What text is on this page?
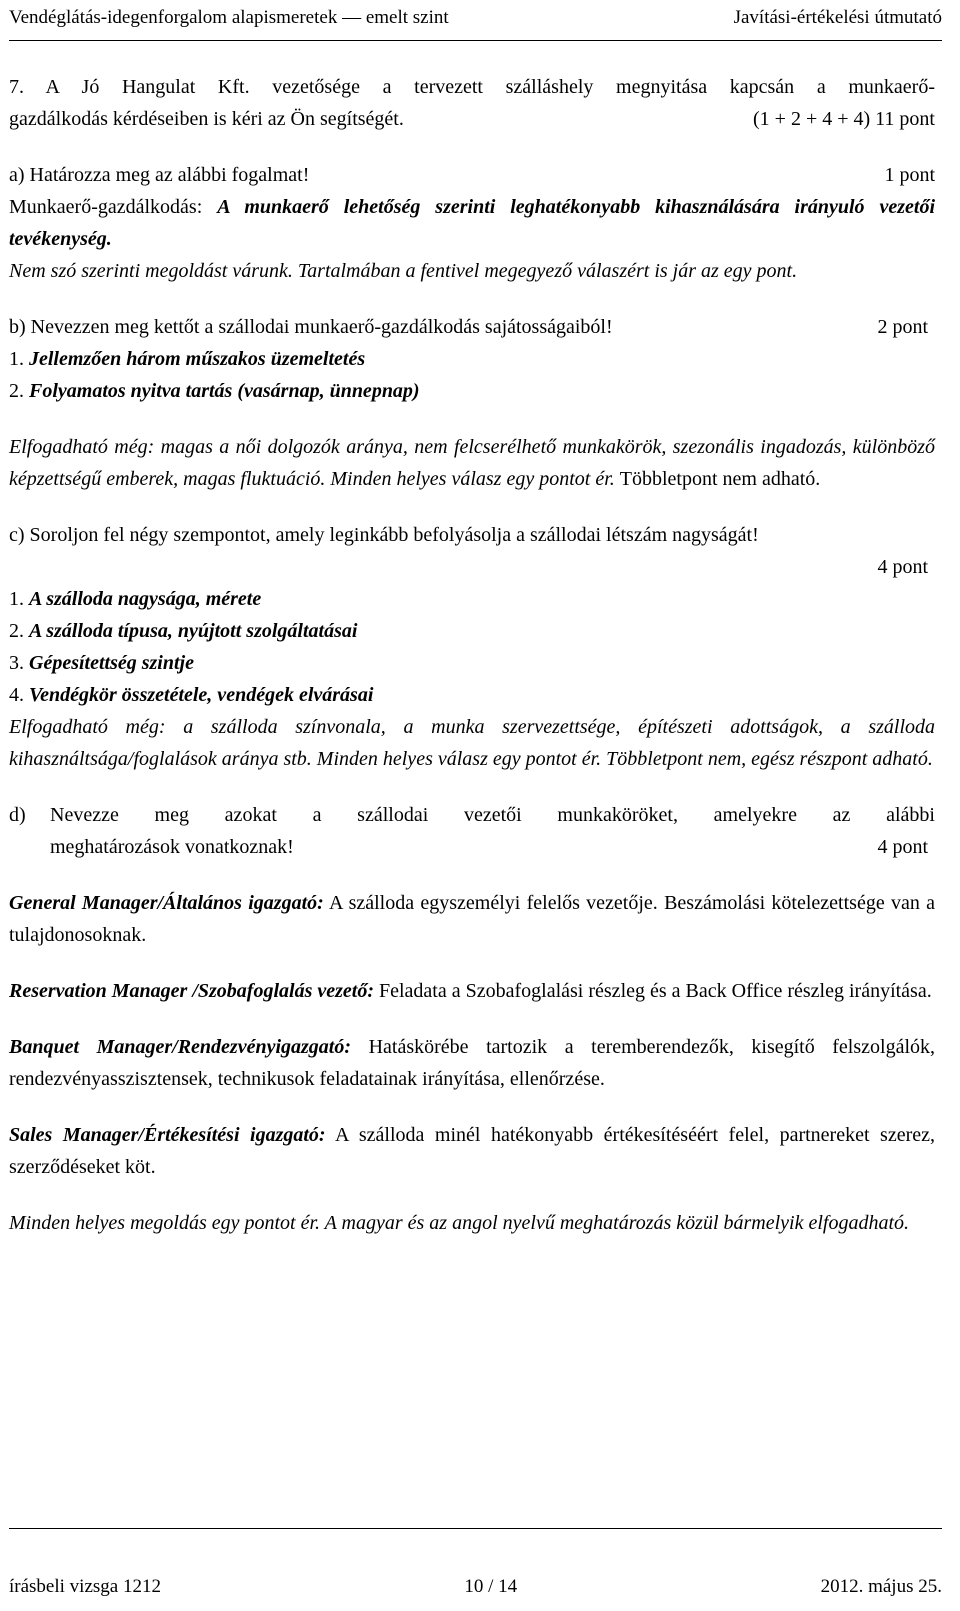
Vendéglátás-idegenforgalom alapismeretek — emelt szint	Javítási-értékelési útmutató
7. A Jó Hangulat Kft. vezetősége a tervezett szálláshely megnyitása kapcsán a munkaerő-
gazdálkodás kérdéseiben is kéri az Ön segítségét.	(1 + 2 + 4 + 4) 11 pont
a) Határozza meg az alábbi fogalmat!	1 pont
Munkaerő-gazdálkodás: A munkaerő lehetőség szerinti leghatékonyabb kihasználására irányuló vezetői tevékenység.
Nem szó szerinti megoldást várunk. Tartalmában a fentivel megegyező válaszért is jár az egy pont.
b) Nevezzen meg kettőt a szállodai munkaerő-gazdálkodás sajátosságaiból!	2 pont
1. Jellemzően három műszakos üzemeltetés
2. Folyamatos nyitva tartás (vasárnap, ünnepnap)
Elfogadható még: magas a női dolgozók aránya, nem felcserélhető munkakörök, szezonális ingadozás, különböző képzettségű emberek, magas fluktuáció. Minden helyes válasz egy pontot ér. Többletpont nem adható.
c) Soroljon fel négy szempontot, amely leginkább befolyásolja a szállodai létszám nagyságát!
4 pont
1. A szálloda nagysága, mérete
2. A szálloda típusa, nyújtott szolgáltatásai
3. Gépesítettség szintje
4. Vendégkör összetétele, vendégek elvárásai
Elfogadható még: a szálloda színvonala, a munka szervezettsége, építészeti adottságok, a szálloda kihasználtsága/foglalások aránya stb. Minden helyes válasz egy pontot ér. Többletpont nem, egész részpont adható.
d)	Nevezze meg azokat a szállodai vezetői munkaköröket, amelyekre az alábbi
meghatározások vonatkoznak!	4 pont
General Manager/Általános igazgató: A szálloda egyszemélyi felelős vezetője. Beszámolási kötelezettsége van a tulajdonosoknak.
Reservation Manager /Szobafoglalás vezető: Feladata a Szobafoglalási részleg és a Back Office részleg irányítása.
Banquet Manager/Rendezvényigazgató: Hatáskörébe tartozik a teremberendezők, kisegítő felszolgálók, rendezvényasszisztensek, technikusok feladatainak irányítása, ellenőrzése.
Sales Manager/Értékesítési igazgató: A szálloda minél hatékonyabb értékesítéséért felel, partnereket szerez, szerződéseket köt.
Minden helyes megoldás egy pontot ér. A magyar és az angol nyelvű meghatározás közül bármelyik elfogadható.
írásbeli vizsga 1212	10 / 14	2012. május 25.
